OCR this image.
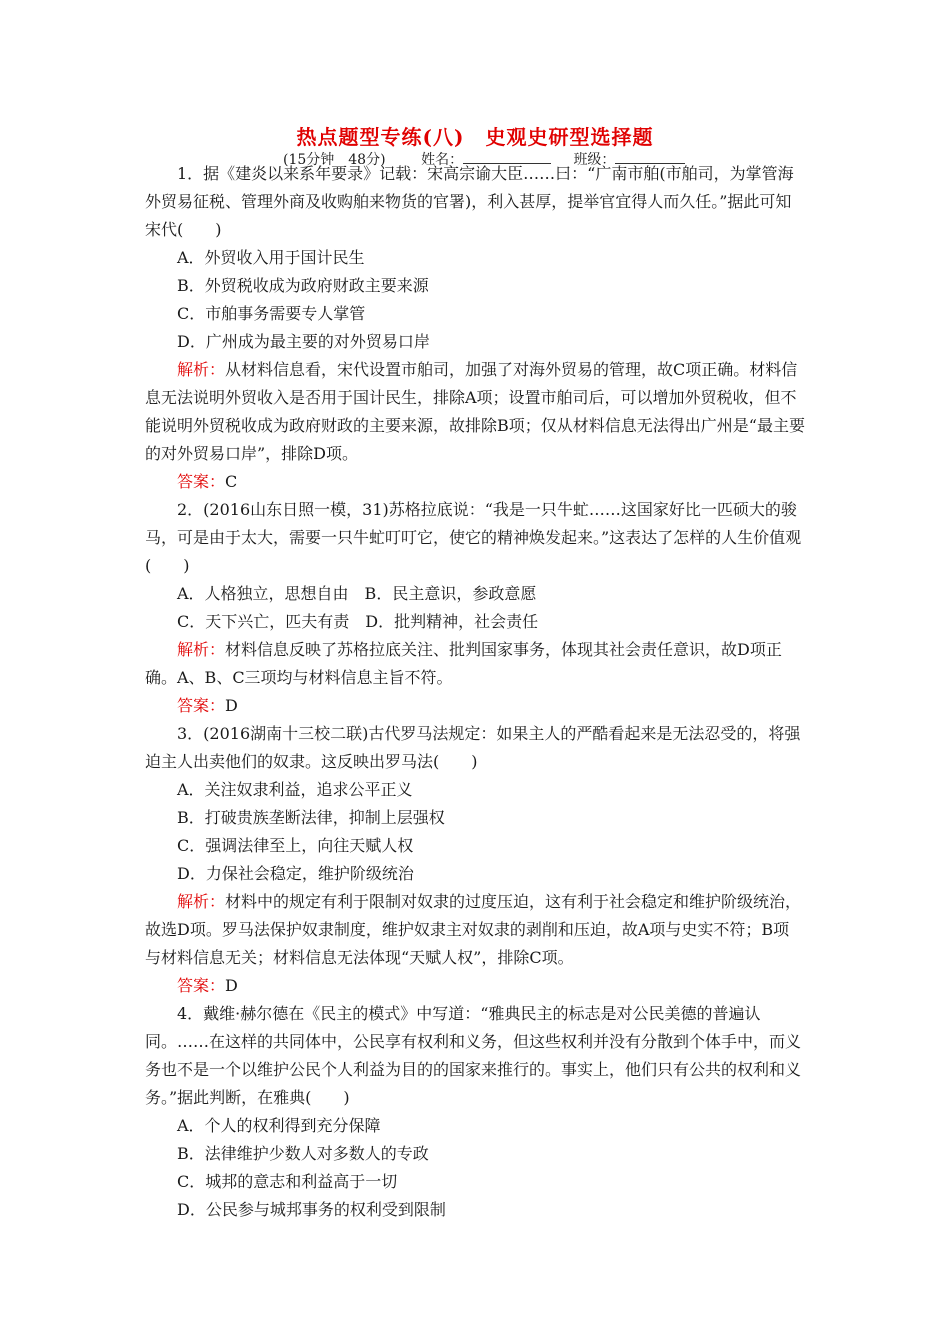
热点题型专练(八)　史观史研型选择题
(15分钟　48分)	姓名：	班级：

1．据《建炎以来系年要录》记载：宋高宗谕大臣……曰：“广南市舶(市舶司，为掌管海外贸易征税、管理外商及收购舶来物货的官署)，利入甚厚，提举官宜得人而久任。”据此可知宋代(　　)

A．外贸收入用于国计民生

B．外贸税收成为政府财政主要来源

C．市舶事务需要专人掌管

D．广州成为最主要的对外贸易口岸

解析：从材料信息看，宋代设置市舶司，加强了对海外贸易的管理，故C项正确。材料信息无法说明外贸收入是否用于国计民生，排除A项；设置市舶司后，可以增加外贸税收，但不能说明外贸税收成为政府财政的主要来源，故排除B项；仅从材料信息无法得出广州是“最主要的对外贸易口岸”，排除D项。

答案：C

2．(2016山东日照一模，31)苏格拉底说：“我是一只牛虻……这国家好比一匹硕大的骏马，可是由于太大，需要一只牛虻叮叮它，使它的精神焕发起来。”这表达了怎样的人生价值观(　　)

A．人格独立，思想自由　B．民主意识，参政意愿

C．天下兴亡，匹夫有责　D．批判精神，社会责任

解析：材料信息反映了苏格拉底关注、批判国家事务，体现其社会责任意识，故D项正确。A、B、C三项均与材料信息主旨不符。

答案：D

3．(2016湖南十三校二联)古代罗马法规定：如果主人的严酷看起来是无法忍受的，将强迫主人出卖他们的奴隶。这反映出罗马法(　　)

A．关注奴隶利益，追求公平正义

B．打破贵族垄断法律，抑制上层强权

C．强调法律至上，向往天赋人权

D．力保社会稳定，维护阶级统治

解析：材料中的规定有利于限制对奴隶的过度压迫，这有利于社会稳定和维护阶级统治，故选D项。罗马法保护奴隶制度，维护奴隶主对奴隶的剥削和压迫，故A项与史实不符；B项与材料信息无关；材料信息无法体现“天赋人权”，排除C项。

答案：D

4．戴维·赫尔德在《民主的模式》中写道：“雅典民主的标志是对公民美德的普遍认同。……在这样的共同体中，公民享有权利和义务，但这些权利并没有分散到个体手中，而义务也不是一个以维护公民个人利益为目的的国家来推行的。事实上，他们只有公共的权利和义务。”据此判断，在雅典(　　)

A．个人的权利得到充分保障

B．法律维护少数人对多数人的专政

C．城邦的意志和利益高于一切

D．公民参与城邦事务的权利受到限制
